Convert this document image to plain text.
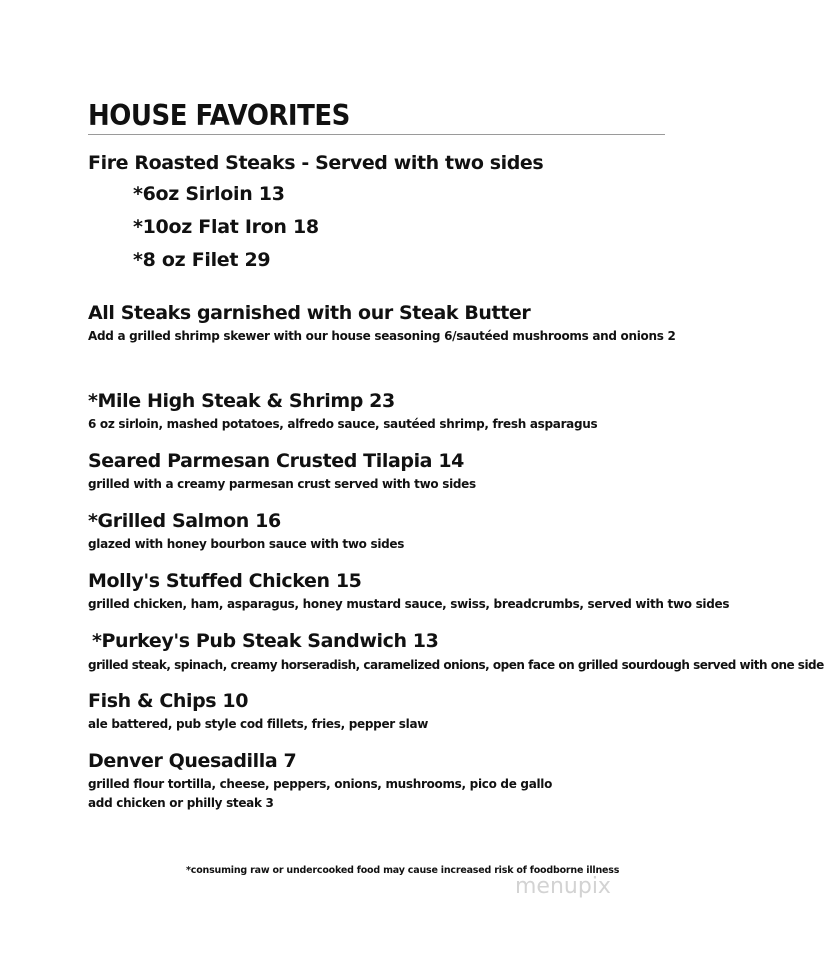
HOUSE FAVORITES
Fire Roasted Steaks - Served with two sides
*6oz Sirloin 13
*10oz Flat Iron 18
*8 oz Filet 29
All Steaks garnished with our Steak Butter
Add a grilled shrimp skewer with our house seasoning 6/sautéed mushrooms and onions 2
*Mile High Steak & Shrimp 23
6 oz sirloin, mashed potatoes, alfredo sauce, sautéed shrimp, fresh asparagus
Seared Parmesan Crusted Tilapia 14
grilled with a creamy parmesan crust served with two sides
*Grilled Salmon 16
glazed with honey bourbon sauce with two sides
Molly's Stuffed Chicken 15
grilled chicken, ham, asparagus, honey mustard sauce, swiss, breadcrumbs, served with two sides
*Purkey's Pub Steak Sandwich 13
grilled steak, spinach, creamy horseradish, caramelized onions, open face on grilled sourdough served with one side
Fish & Chips 10
ale battered, pub style cod fillets, fries, pepper slaw
Denver Quesadilla 7
grilled flour tortilla, cheese, peppers, onions, mushrooms, pico de gallo
add chicken or philly steak 3
*consuming raw or undercooked food may cause increased risk of foodborne illness
menupix
